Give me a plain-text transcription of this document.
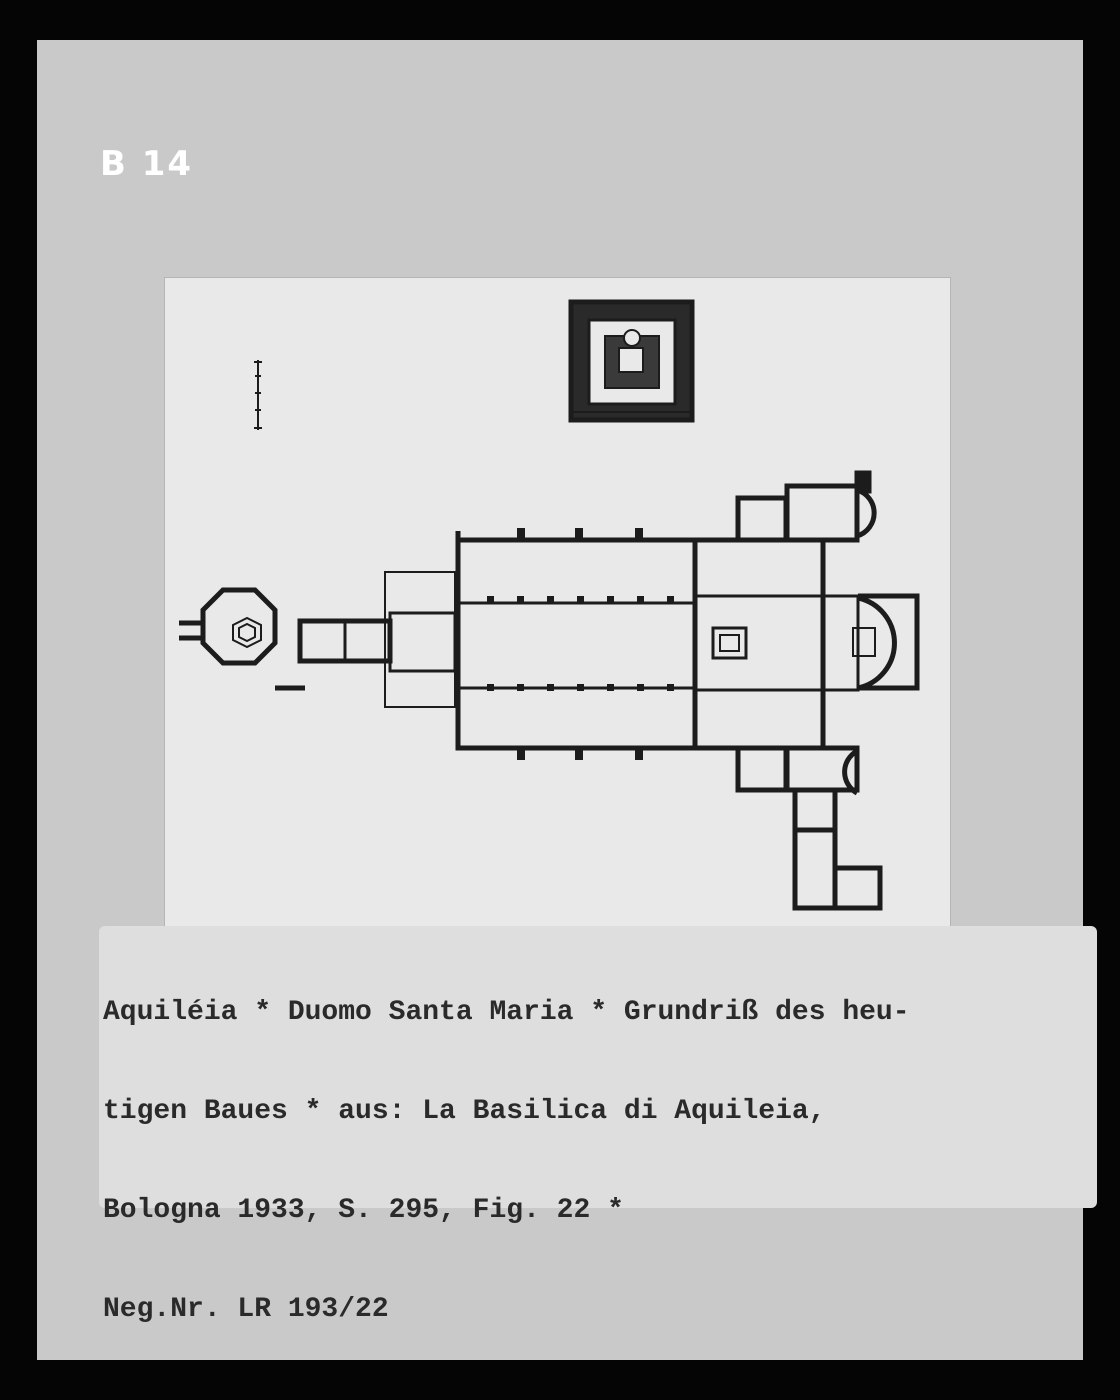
B 14

Aquiléia * Duomo Santa Maria * Grundriß des heu-

tigen Baues * aus: La Basilica di Aquileia,

Bologna 1933, S. 295, Fig. 22 *

Neg.Nr. LR 193/22
